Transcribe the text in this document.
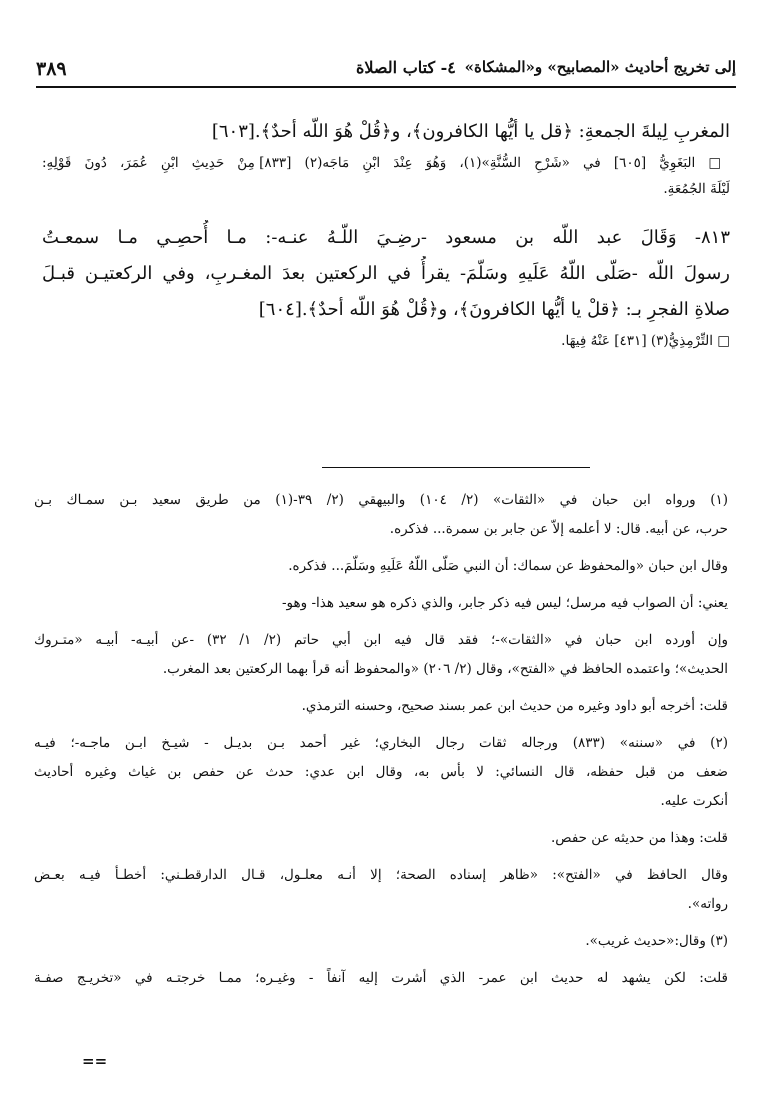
إلى تخريج أحاديث «المصابيح» و«المشكاة»
٤- كتاب الصلاة
٣٨٩
المغربِ لِيلةَ الجمعةِ: ﴿قل يا أيُّها الكافرون﴾، و﴿قُلْ هُوَ اللّه أحدٌ﴾.[٦٠٣]
□ البَغَوِيُّ [٦٠٥] في «شَرْحِ السُّنَّةِ»(١)، وَهُوَ عِنْدَ ابْنِ مَاجَه(٢) [٨٣٣] مِنْ حَدِيثِ ابْنِ عُمَرَ، دُونَ قَوْلِهِ:
لَيْلَةَ الجُمُعَةِ.
٨١٣- وَقَالَ عبد اللّه بن مسعود -رضِـيَ اللّـهُ عنـه-: مـا أُحصِـي مـا سمعـتُ
رسولَ اللّه -صَلّى اللّهُ عَلَيهِ وسَلّمَ- يقرأُ في الركعتين بعدَ المغـربِ، وفي الركعتيـن قبـلَ
صلاةِ الفجرِ بـ: ﴿قلْ يا أيُّها الكافرونَ﴾، و﴿قُلْ هُوَ اللّه أحدٌ﴾.[٦٠٤]
□ التِّرْمِذِيُّ(٣) [٤٣١] عَنْهُ فِيهَا.
(١) ورواه ابن حبان في «الثقات» (٢/ ١٠٤) والبيهقي (٢/ ٣٩-(١) من طريق سعيد بـن سمـاك بـن
حرب، عن أبيه. قال: لا أعلمه إلاّ عن جابر بن سمرة... فذكره.
وقال ابن حبان «والمحفوظ عن سماك: أن النبي صَلّى اللّهُ عَلَيهِ وسَلّمَ... فذكره.
يعني: أن الصواب فيه مرسل؛ ليس فيه ذكر جابر، والذي ذكره هو سعيد هذا- وهو-
وإن أورده ابن حبان في «الثقات»-؛ فقد قال فيه ابن أبي حاتم (٢/ ١/ ٣٢) -عن أبيـه- أبيـه «متـروك
الحديث»؛ واعتمده الحافظ في «الفتح»، وقال (٢/ ٢٠٦) «والمحفوظ أنه قرأ بهما الركعتين بعد المغرب.
قلت: أخرجه أبو داود وغيره من حديث ابن عمر بسند صحيح، وحسنه الترمذي.
(٢) في «سننه» (٨٣٣) ورجاله ثقات رجال البخاري؛ غير أحمد بـن بديـل - شيـخ ابـن ماجـه-؛ فيـه
ضعف من قبل حفظه، قال النسائي: لا بأس به، وقال ابن عدي: حدث عن حفص بن غياث وغيره أحاديث
أنكرت عليه.
قلت: وهذا من حديثه عن حفص.
وقال الحافظ في «الفتح»: «ظاهر إسناده الصحة؛ إلا أنـه معلـول، قـال الدارقطـني: أخطـأ فيـه بعـض
رواته».
(٣) وقال:«حديث غريب».
قلت: لكن يشهد له حديث ابن عمر- الذي أشرت إليه آنفاً - وغيـره؛ ممـا خرجتـه في «تخريـج صفـة
==
